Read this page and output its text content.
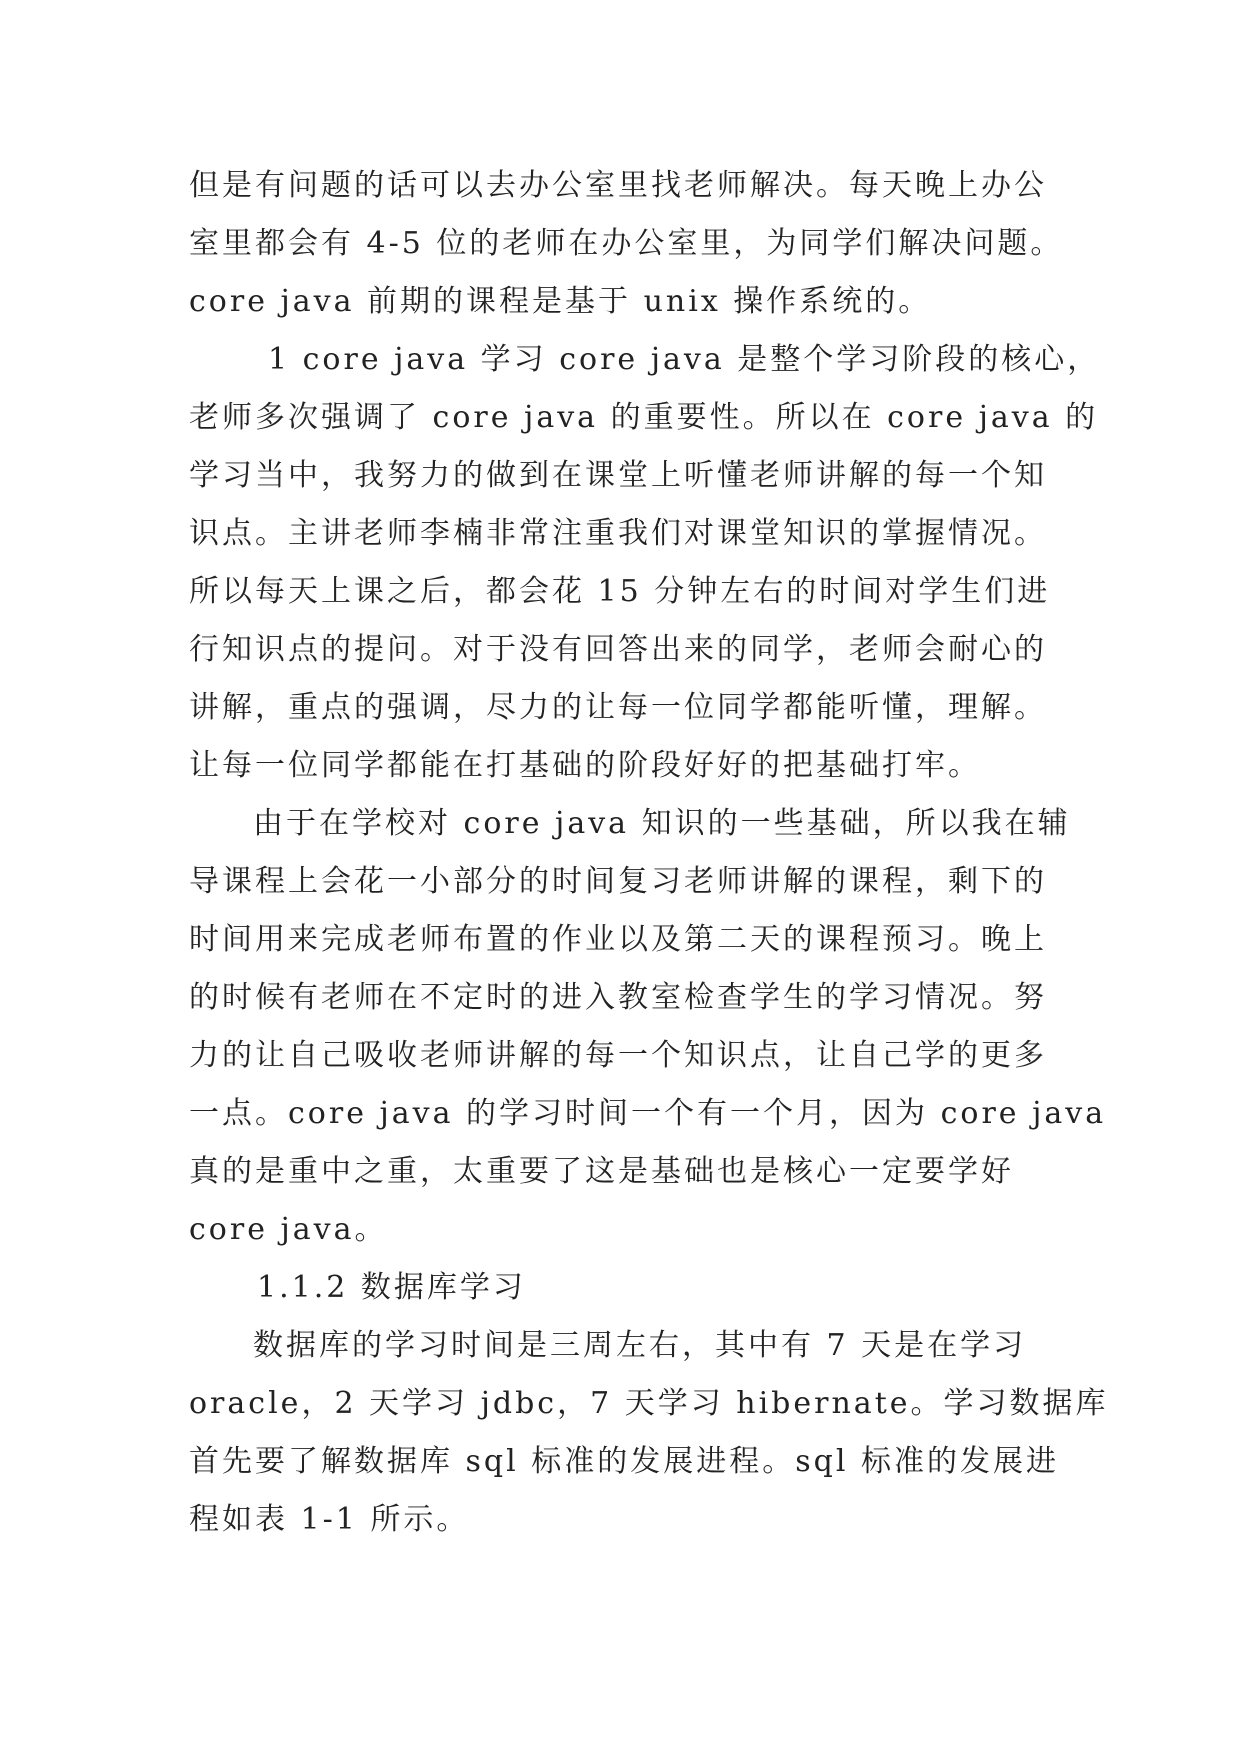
但是有问题的话可以去办公室里找老师解决。每天晚上办公
室里都会有 4-5 位的老师在办公室里，为同学们解决问题。
core java 前期的课程是基于 unix 操作系统的。
1 core java 学习 core java 是整个学习阶段的核心，
老师多次强调了 core java 的重要性。所以在 core java 的
学习当中，我努力的做到在课堂上听懂老师讲解的每一个知
识点。主讲老师李楠非常注重我们对课堂知识的掌握情况。
所以每天上课之后，都会花 15 分钟左右的时间对学生们进
行知识点的提问。对于没有回答出来的同学，老师会耐心的
讲解，重点的强调，尽力的让每一位同学都能听懂，理解。
让每一位同学都能在打基础的阶段好好的把基础打牢。
由于在学校对 core java 知识的一些基础，所以我在辅
导课程上会花一小部分的时间复习老师讲解的课程，剩下的
时间用来完成老师布置的作业以及第二天的课程预习。晚上
的时候有老师在不定时的进入教室检查学生的学习情况。努
力的让自己吸收老师讲解的每一个知识点，让自己学的更多
一点。core java 的学习时间一个有一个月，因为 core java
真的是重中之重，太重要了这是基础也是核心一定要学好
core java。
1.1.2 数据库学习
数据库的学习时间是三周左右，其中有 7 天是在学习
oracle，2 天学习 jdbc，7 天学习 hibernate。学习数据库
首先要了解数据库 sql 标准的发展进程。sql 标准的发展进
程如表 1-1 所示。
